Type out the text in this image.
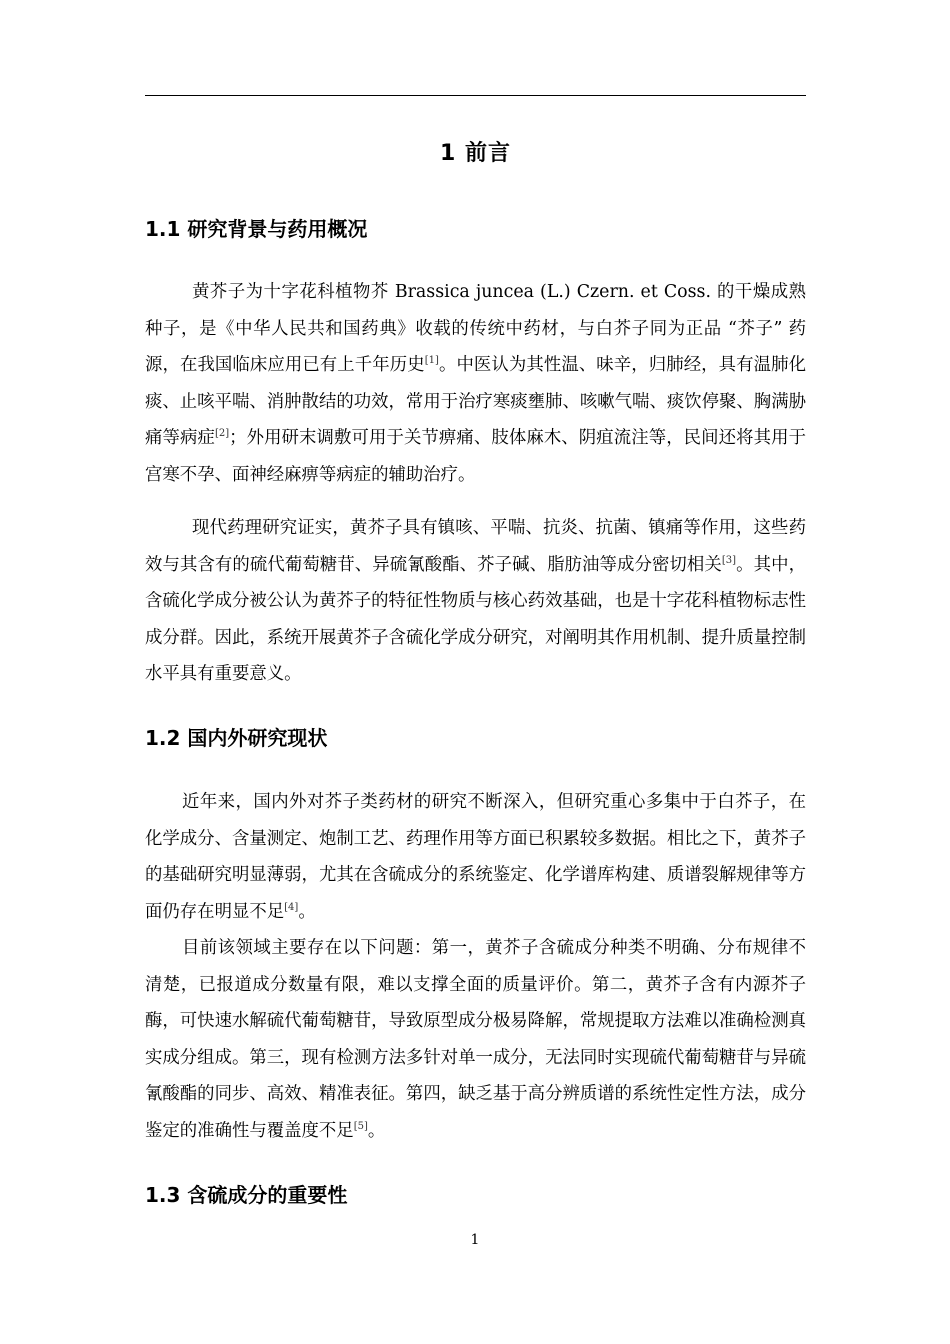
1 前言
1.1 研究背景与药用概况

黄芥子为十字花科植物芥 Brassica juncea (L.) Czern. et Coss. 的干燥成熟种子，是《中华人民共和国药典》收载的传统中药材，与白芥子同为正品 “芥子” 药源，在我国临床应用已有上千年历史[1]。中医认为其性温、味辛，归肺经，具有温肺化痰、止咳平喘、消肿散结的功效，常用于治疗寒痰壅肺、咳嗽气喘、痰饮停聚、胸满胁痛等病症[2]；外用研末调敷可用于关节痹痛、肢体麻木、阴疽流注等，民间还将其用于宫寒不孕、面神经麻痹等病症的辅助治疗。

现代药理研究证实，黄芥子具有镇咳、平喘、抗炎、抗菌、镇痛等作用，这些药效与其含有的硫代葡萄糖苷、异硫氰酸酯、芥子碱、脂肪油等成分密切相关[3]。其中，含硫化学成分被公认为黄芥子的特征性物质与核心药效基础，也是十字花科植物标志性成分群。因此，系统开展黄芥子含硫化学成分研究，对阐明其作用机制、提升质量控制水平具有重要意义。

1.2 国内外研究现状

近年来，国内外对芥子类药材的研究不断深入，但研究重心多集中于白芥子，在化学成分、含量测定、炮制工艺、药理作用等方面已积累较多数据。相比之下，黄芥子的基础研究明显薄弱，尤其在含硫成分的系统鉴定、化学谱库构建、质谱裂解规律等方面仍存在明显不足[4]。

目前该领域主要存在以下问题：第一，黄芥子含硫成分种类不明确、分布规律不清楚，已报道成分数量有限，难以支撑全面的质量评价。第二，黄芥子含有内源芥子酶，可快速水解硫代葡萄糖苷，导致原型成分极易降解，常规提取方法难以准确检测真实成分组成。第三，现有检测方法多针对单一成分，无法同时实现硫代葡萄糖苷与异硫氰酸酯的同步、高效、精准表征。第四，缺乏基于高分辨质谱的系统性定性方法，成分鉴定的准确性与覆盖度不足[5]。

1.3 含硫成分的重要性
1
